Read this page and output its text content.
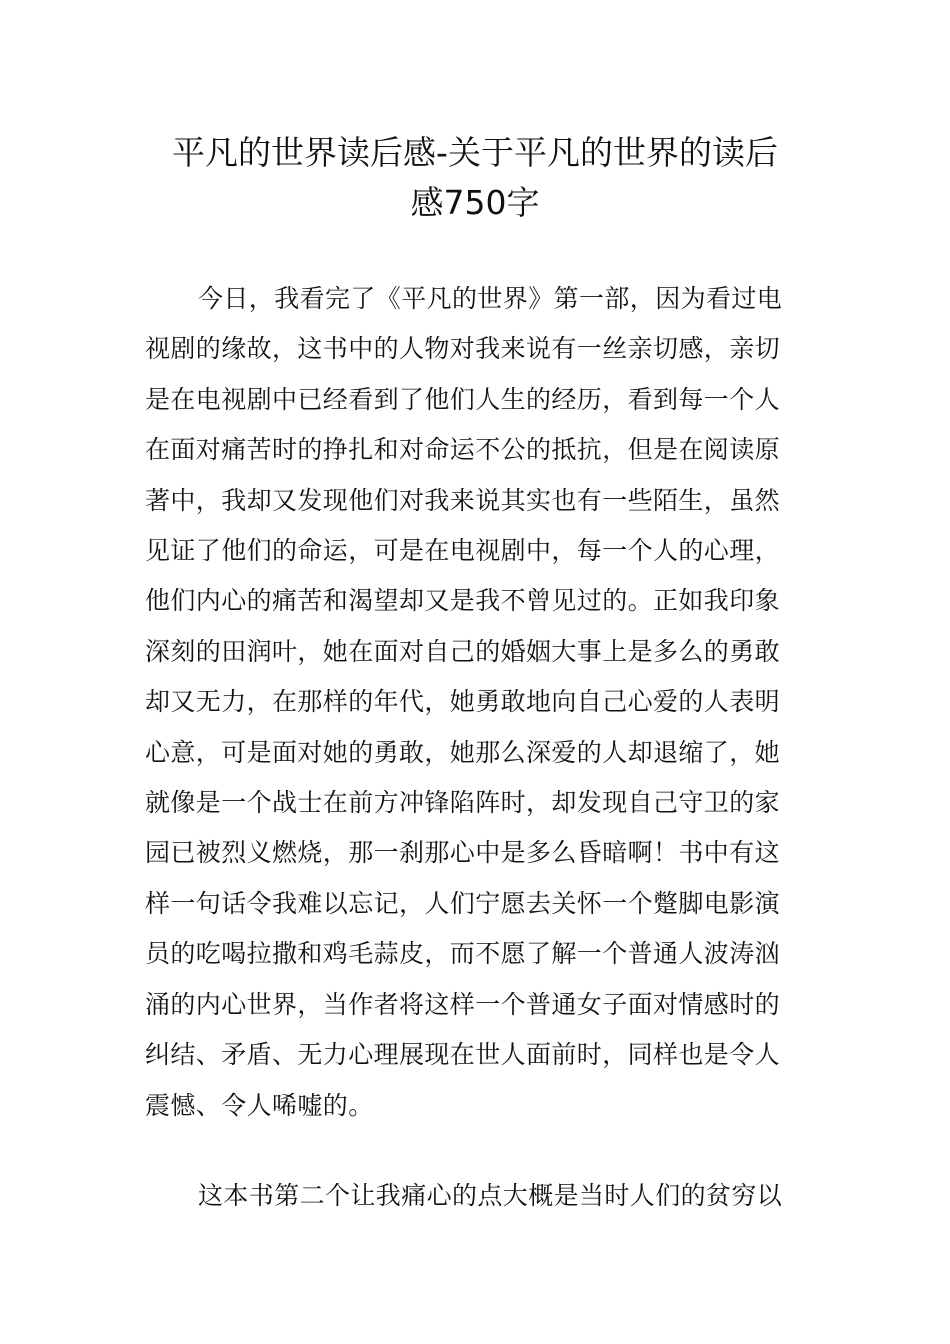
平凡的世界读后感-关于平凡的世界的读后
感750字
今日，我看完了《平凡的世界》第一部，因为看过电
视剧的缘故，这书中的人物对我来说有一丝亲切感，亲切
是在电视剧中已经看到了他们人生的经历，看到每一个人
在面对痛苦时的挣扎和对命运不公的抵抗，但是在阅读原
著中，我却又发现他们对我来说其实也有一些陌生，虽然
见证了他们的命运，可是在电视剧中，每一个人的心理，
他们内心的痛苦和渴望却又是我不曾见过的。正如我印象
深刻的田润叶，她在面对自己的婚姻大事上是多么的勇敢
却又无力，在那样的年代，她勇敢地向自己心爱的人表明
心意，可是面对她的勇敢，她那么深爱的人却退缩了，她
就像是一个战士在前方冲锋陷阵时，却发现自己守卫的家
园已被烈义燃烧，那一刹那心中是多么昏暗啊！书中有这
样一句话令我难以忘记，人们宁愿去关怀一个蹩脚电影演
员的吃喝拉撒和鸡毛蒜皮，而不愿了解一个普通人波涛汹
涌的内心世界，当作者将这样一个普通女子面对情感时的
纠结、矛盾、无力心理展现在世人面前时，同样也是令人
震憾、令人唏嘘的。
这本书第二个让我痛心的点大概是当时人们的贫穷以
